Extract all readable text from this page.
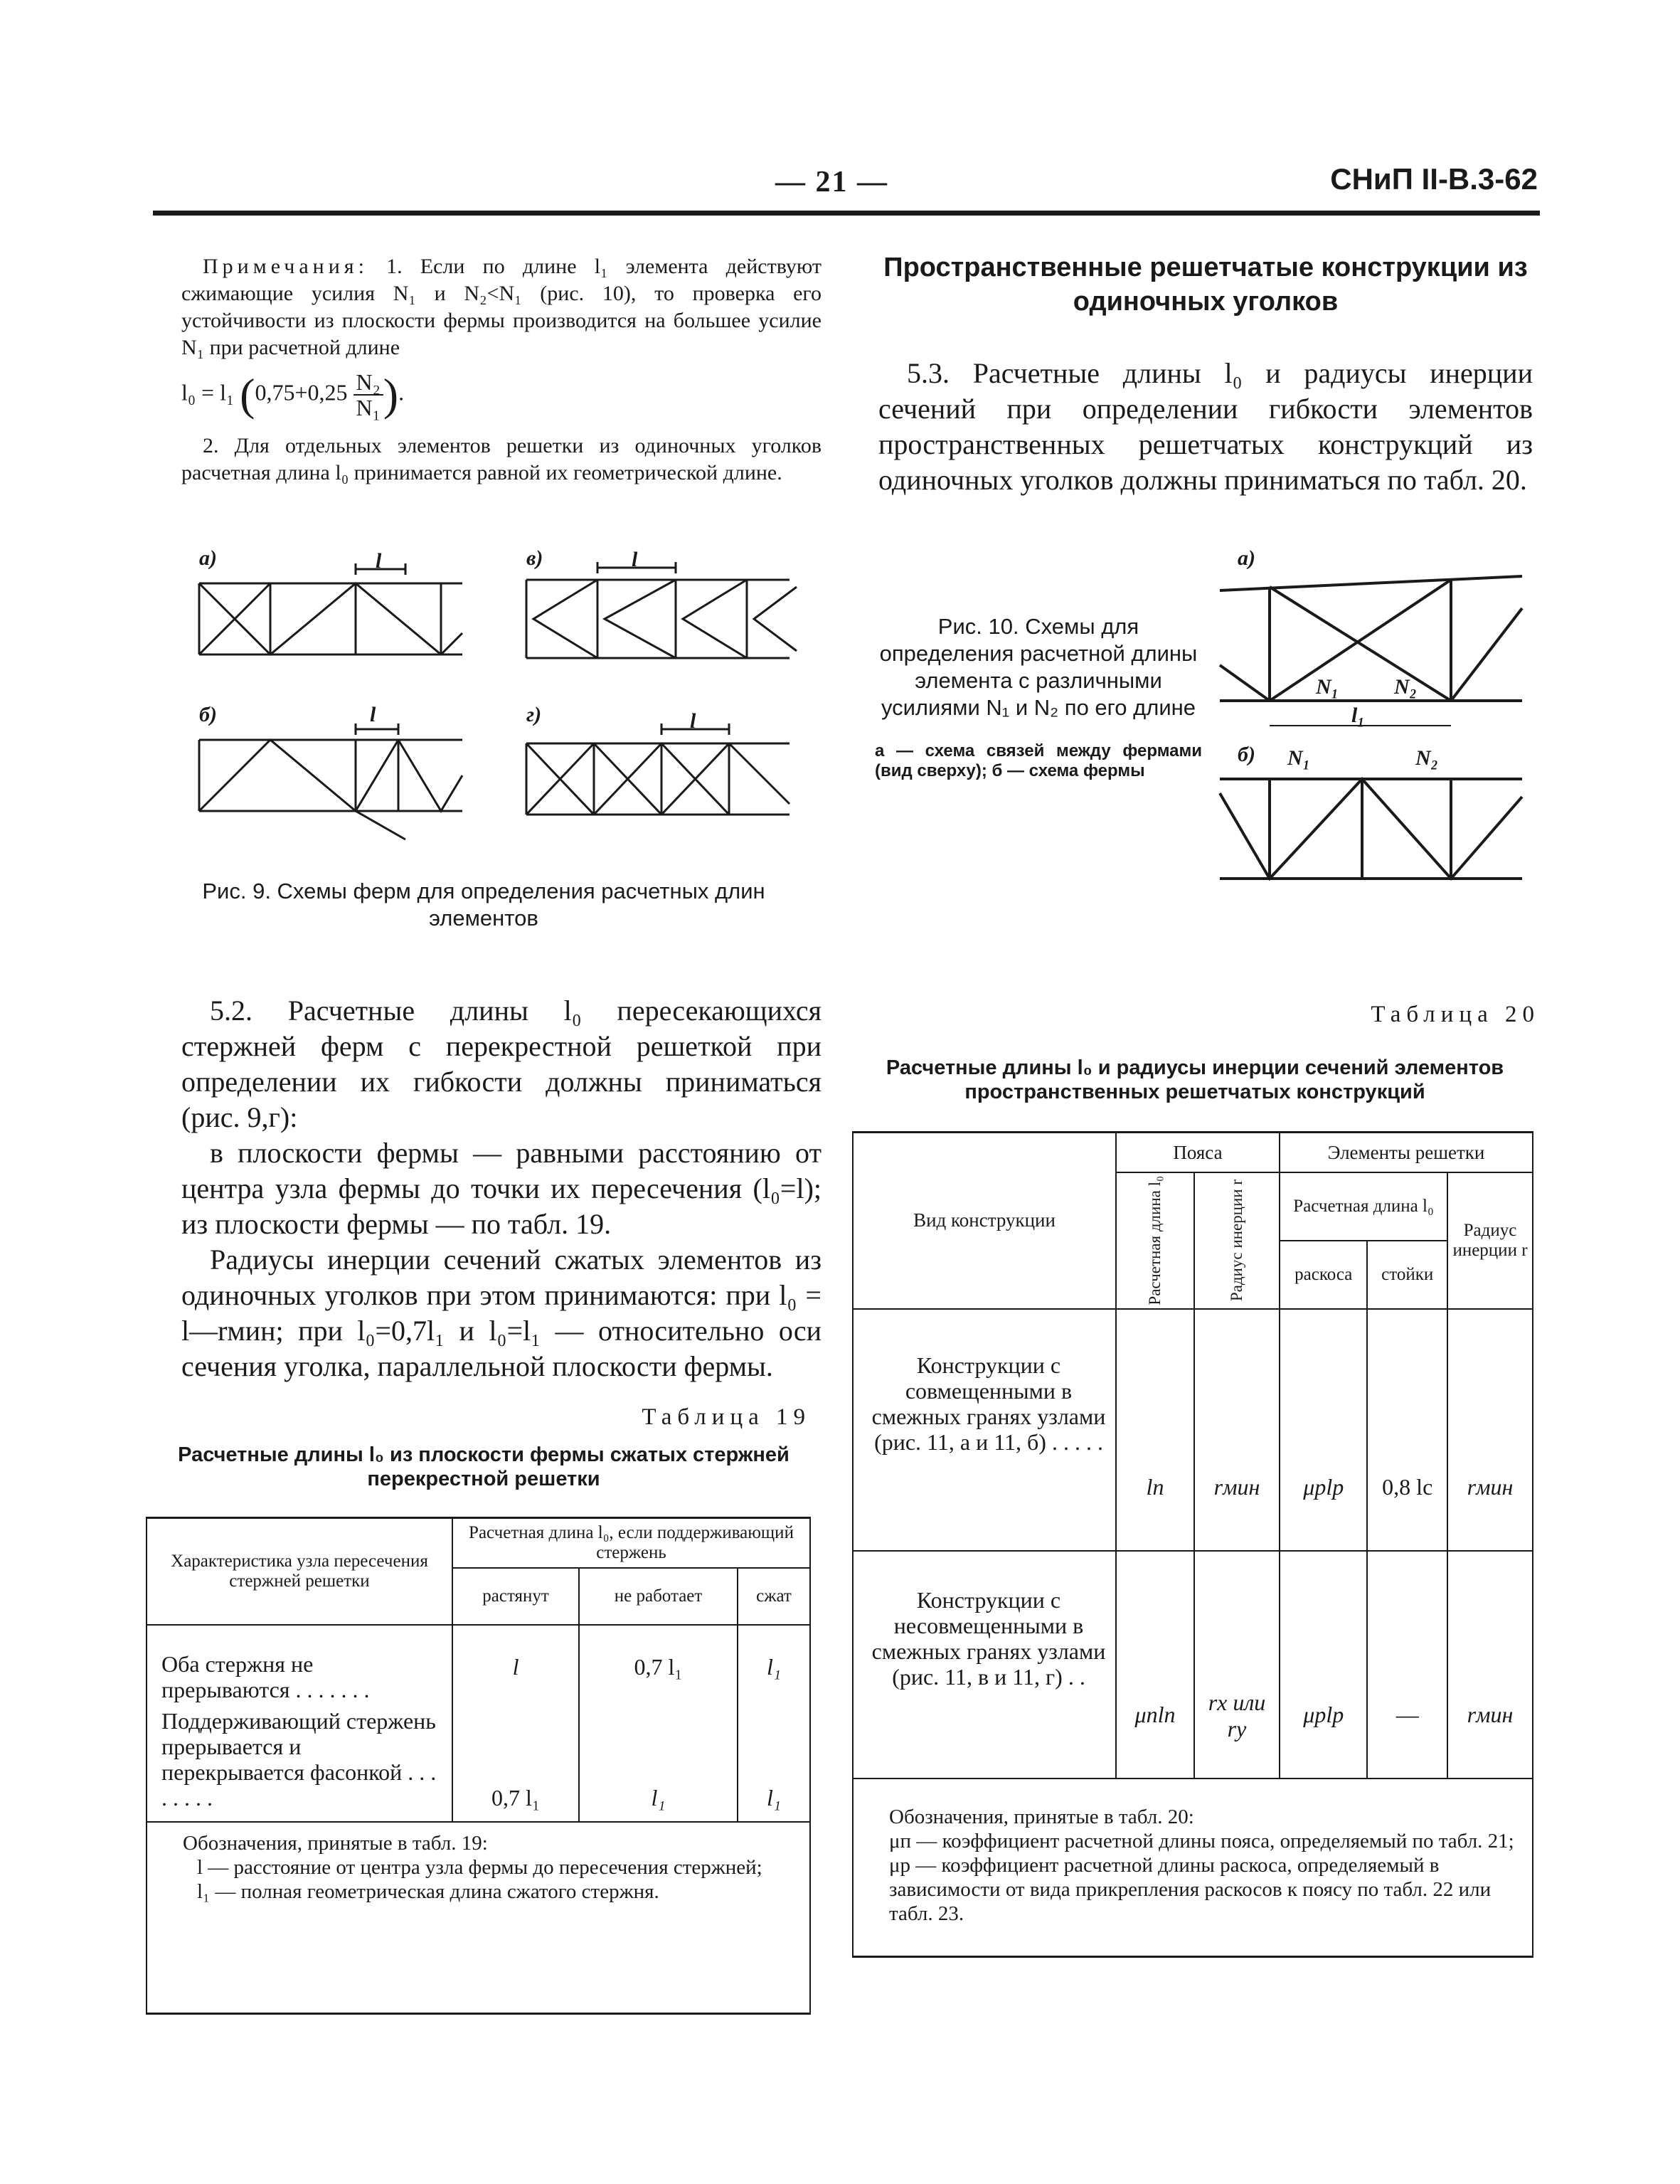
— 21 —	СНиП II-В.3-62

Примечания: 1. Если по длине l₁ элемента действуют сжимающие усилия N₁ и N₂<N₁ (рис. 10), то проверка его устойчивости из плоскости фермы производится на большее усилие N₁ при расчетной длине

l₀ = l₁ ($0,75+0,25 \frac{\text{N₂}}{\text{N₁}}$ ).

2. Для отдельных элементов решетки из одиночных уголков расчетная длина l₀ принимается равной их геометрической длине.

a)	l	в)	l
б)	l	г)	l
Рис. 9. Схемы ферм для определения расчетных длин элементов
Пространственные решетчатые конструкции из одиночных уголков

5.3. Расчетные длины l₀ и радиусы инерции сечений при определении гибкости элементов пространственных решетчатых конструкций из одиночных уголков должны приниматься по табл. 20.

Рис. 10. Схемы для определения расчетной длины элемента с различными усилиями N₁ и N₂ по его длине
а — схема связей между фермами (вид сверху); б — схема фермы
а)
N₁	N₂
l₁
б) N₁	N₂

5.2. Расчетные длины l₀ пересекающихся стержней ферм с перекрестной решеткой при определении их гибкости должны приниматься (рис. 9,г):

в плоскости фермы — равными расстоянию от центра узла фермы до точки их пересечения (l₀=l); из плоскости фермы — по табл. 19.

Радиусы инерции сечений сжатых элементов из одиночных уголков при этом принимаются: при l₀ = l—rмин; при l₀=0,7l₁ и l₀=l₁ — относительно оси сечения уголка, параллельной плоскости фермы.

Таблица 19
Расчетные длины l₀ из плоскости фермы сжатых стержней перекрестной решетки
Характеристика узла пересечения стержней решетки	Расчетная длина l₀, если поддерживающий стержень		
	растянут	не работает	сжат
Оба стержня не прерываются . . . . . . .	l	0,7 l₁	l₁
Поддерживающий стержень прерывается и перекрывается фасонкой . . . . . . . .	0,7 l₁	l₁	l₁

Обозначения, принятые в табл. 19:

l — расстояние от центра узла фермы до пересечения стержней;

l₁ — полная геометрическая длина сжатого стержня.

Таблица 20
Расчетные длины l₀ и радиусы инерции сечений элементов пространственных решетчатых конструкций
Вид конструкции	Пояса		Элементы решетки		

	Расчетная длина l₀	Радиус инерции r	Расчетная длина l₀		Радиус инерции r
			раскоса	стойки	
Конструкции с совмещенными в смежных гранях узлами (рис. 11, а и 11, б) . . . . .	lп	rмин	μрlр	0,8 lс	rмин
Конструкции с несовмещенными в смежных гранях узлами (рис. 11, в и 11, г) . .	μпlп	rx или ry	μрlр	—	rмин

Обозначения, принятые в табл. 20:

μп — коэффициент расчетной длины пояса, определяемый по табл. 21;

μр — коэффициент расчетной длины раскоса, определяемый в зависимости от вида прикрепления раскосов к поясу по табл. 22 или табл. 23.
